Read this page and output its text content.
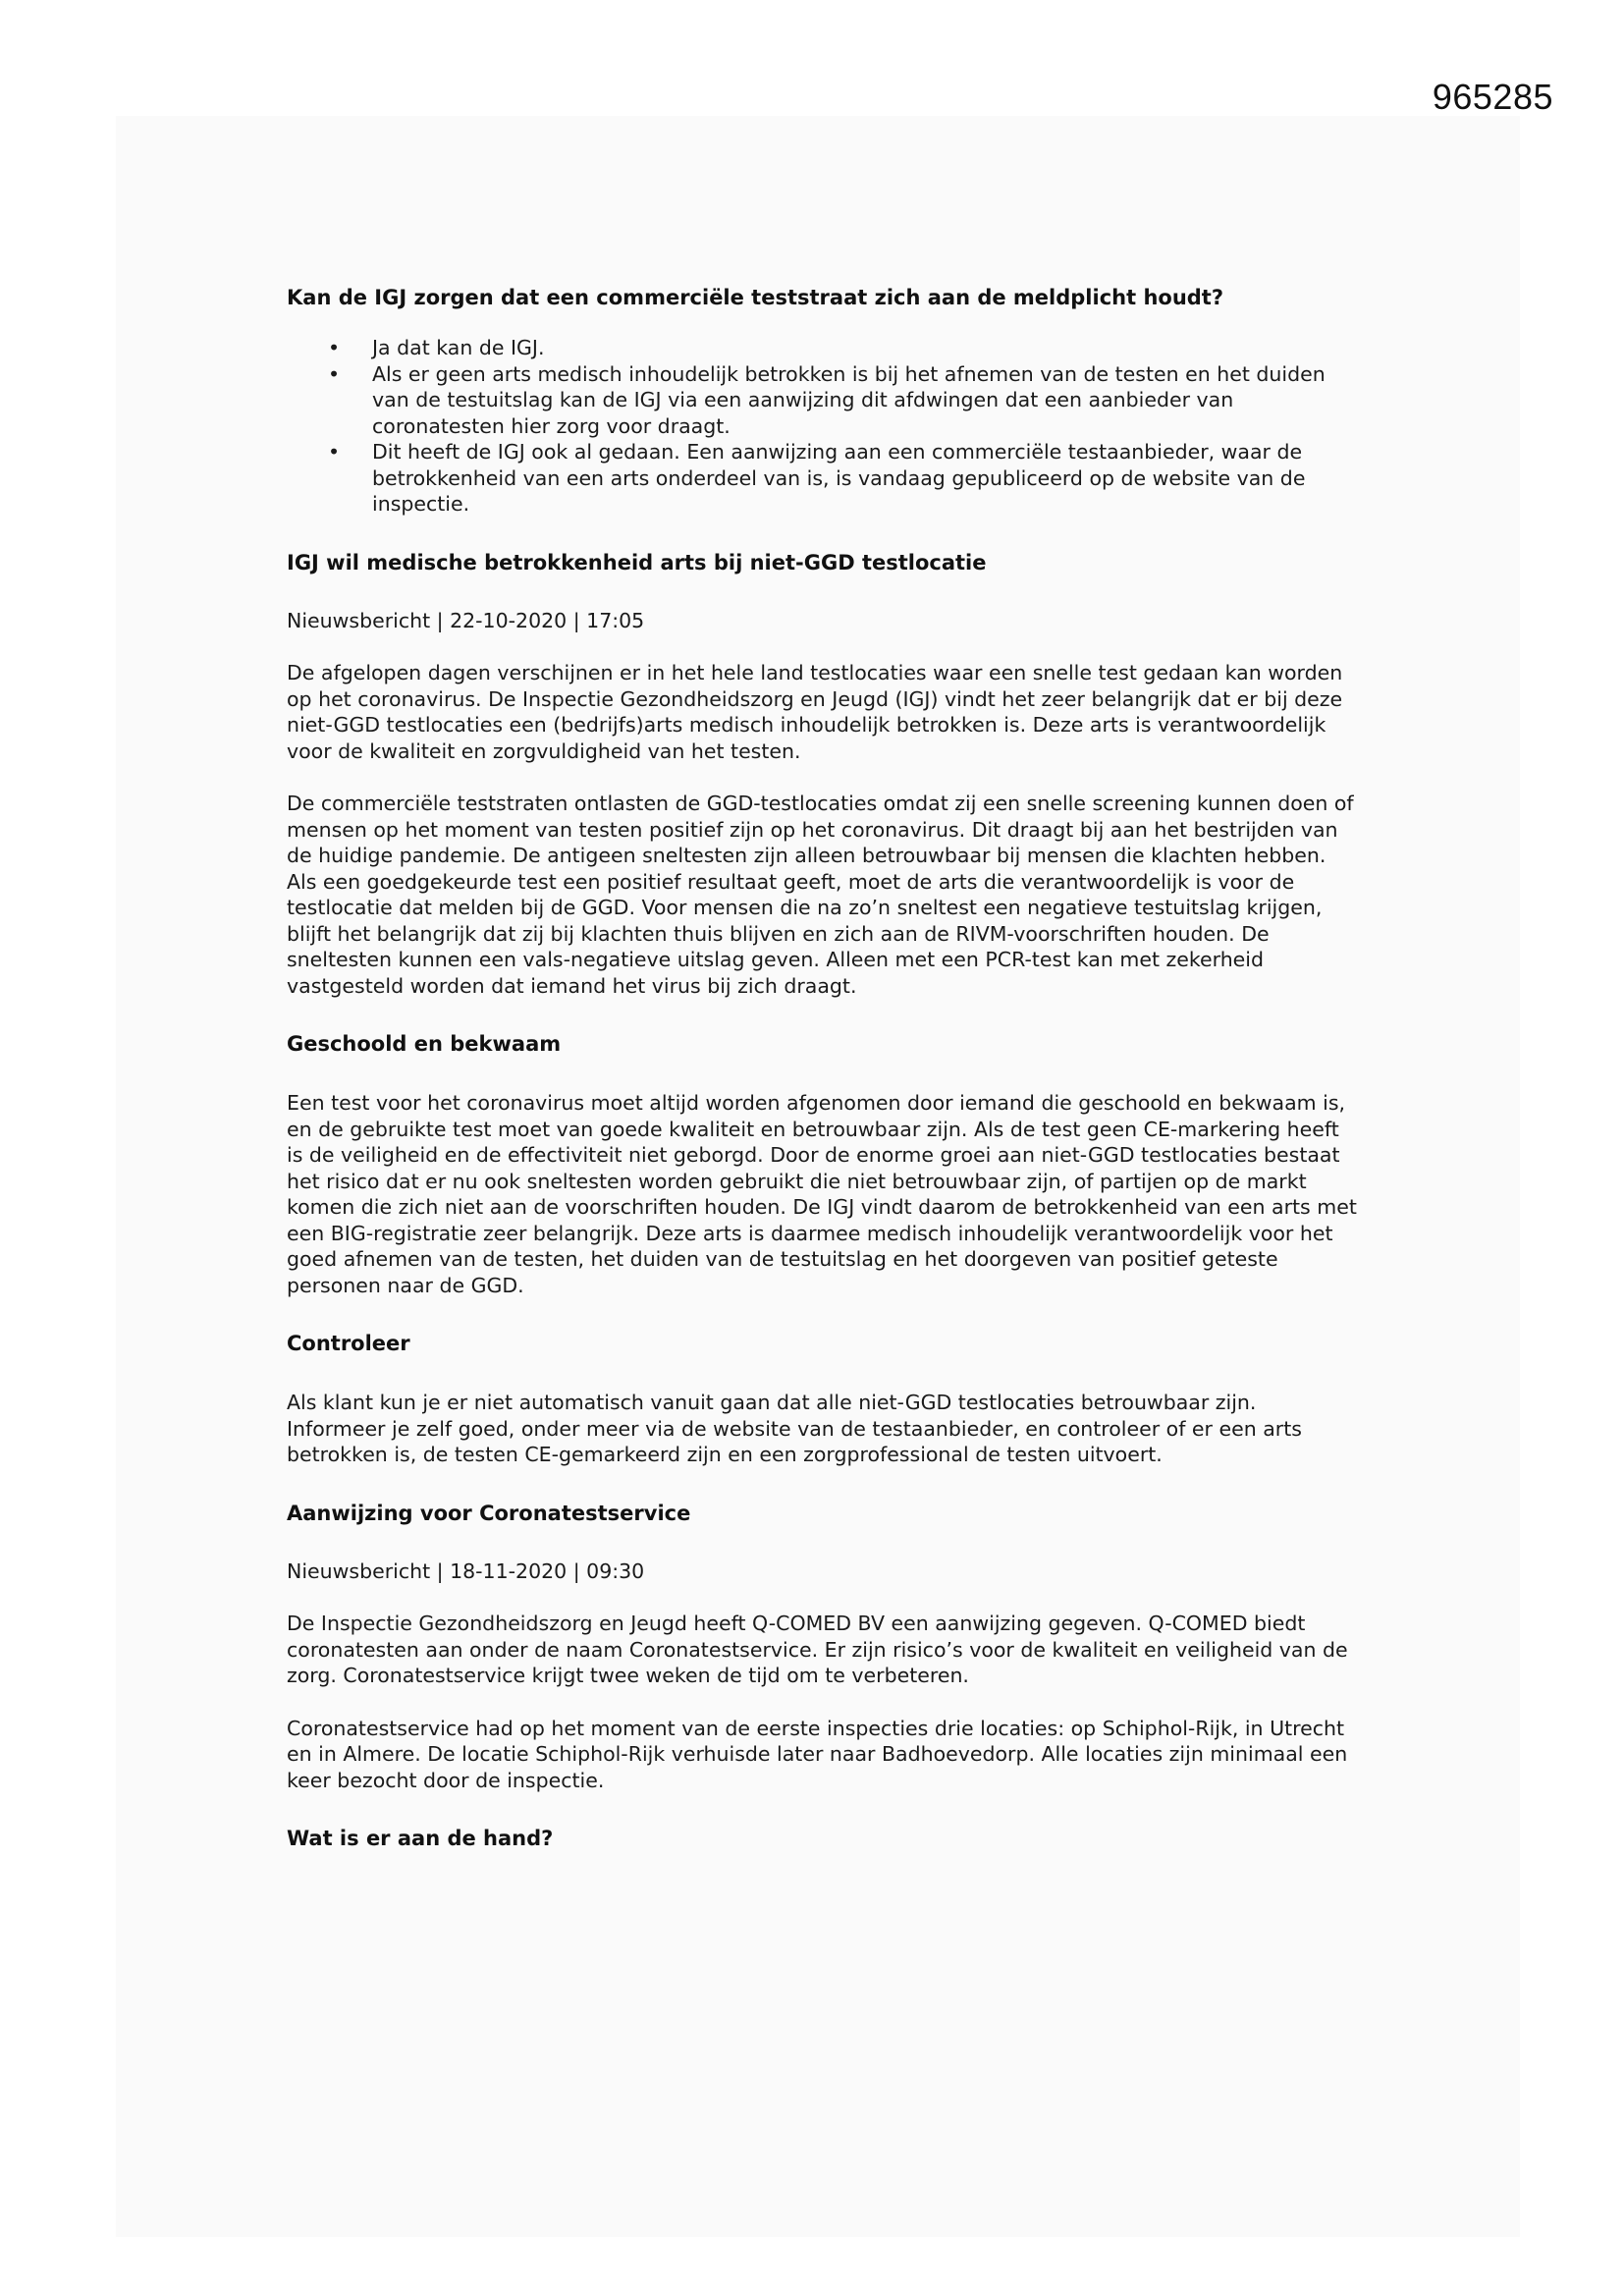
965285
Kan de IGJ zorgen dat een commerciële teststraat zich aan de meldplicht houdt?
• Ja dat kan de IGJ.
• Als er geen arts medisch inhoudelijk betrokken is bij het afnemen van de testen en het duiden van de testuitslag kan de IGJ via een aanwijzing dit afdwingen dat een aanbieder van coronatesten hier zorg voor draagt.
• Dit heeft de IGJ ook al gedaan. Een aanwijzing aan een commerciële testaanbieder, waar de betrokkenheid van een arts onderdeel van is, is vandaag gepubliceerd op de website van de inspectie.
IGJ wil medische betrokkenheid arts bij niet-GGD testlocatie

Nieuwsbericht | 22-10-2020 | 17:05

De afgelopen dagen verschijnen er in het hele land testlocaties waar een snelle test gedaan kan worden op het coronavirus. De Inspectie Gezondheidszorg en Jeugd (IGJ) vindt het zeer belangrijk dat er bij deze niet-GGD testlocaties een (bedrijfs)arts medisch inhoudelijk betrokken is. Deze arts is verantwoordelijk voor de kwaliteit en zorgvuldigheid van het testen.

De commerciële teststraten ontlasten de GGD-testlocaties omdat zij een snelle screening kunnen doen of mensen op het moment van testen positief zijn op het coronavirus. Dit draagt bij aan het bestrijden van de huidige pandemie. De antigeen sneltesten zijn alleen betrouwbaar bij mensen die klachten hebben. Als een goedgekeurde test een positief resultaat geeft, moet de arts die verantwoordelijk is voor de testlocatie dat melden bij de GGD. Voor mensen die na zo’n sneltest een negatieve testuitslag krijgen, blijft het belangrijk dat zij bij klachten thuis blijven en zich aan de RIVM-voorschriften houden. De sneltesten kunnen een vals-negatieve uitslag geven. Alleen met een PCR-test kan met zekerheid vastgesteld worden dat iemand het virus bij zich draagt.

Geschoold en bekwaam

Een test voor het coronavirus moet altijd worden afgenomen door iemand die geschoold en bekwaam is, en de gebruikte test moet van goede kwaliteit en betrouwbaar zijn. Als de test geen CE-markering heeft is de veiligheid en de effectiviteit niet geborgd. Door de enorme groei aan niet-GGD testlocaties bestaat het risico dat er nu ook sneltesten worden gebruikt die niet betrouwbaar zijn, of partijen op de markt komen die zich niet aan de voorschriften houden. De IGJ vindt daarom de betrokkenheid van een arts met een BIG-registratie zeer belangrijk. Deze arts is daarmee medisch inhoudelijk verantwoordelijk voor het goed afnemen van de testen, het duiden van de testuitslag en het doorgeven van positief geteste personen naar de GGD.

Controleer

Als klant kun je er niet automatisch vanuit gaan dat alle niet-GGD testlocaties betrouwbaar zijn. Informeer je zelf goed, onder meer via de website van de testaanbieder, en controleer of er een arts betrokken is, de testen CE-gemarkeerd zijn en een zorgprofessional de testen uitvoert.

Aanwijzing voor Coronatestservice

Nieuwsbericht | 18-11-2020 | 09:30

De Inspectie Gezondheidszorg en Jeugd heeft Q-COMED BV een aanwijzing gegeven. Q-COMED biedt coronatesten aan onder de naam Coronatestservice. Er zijn risico’s voor de kwaliteit en veiligheid van de zorg. Coronatestservice krijgt twee weken de tijd om te verbeteren.

Coronatestservice had op het moment van de eerste inspecties drie locaties: op Schiphol-Rijk, in Utrecht en in Almere. De locatie Schiphol-Rijk verhuisde later naar Badhoevedorp. Alle locaties zijn minimaal een keer bezocht door de inspectie.

Wat is er aan de hand?
